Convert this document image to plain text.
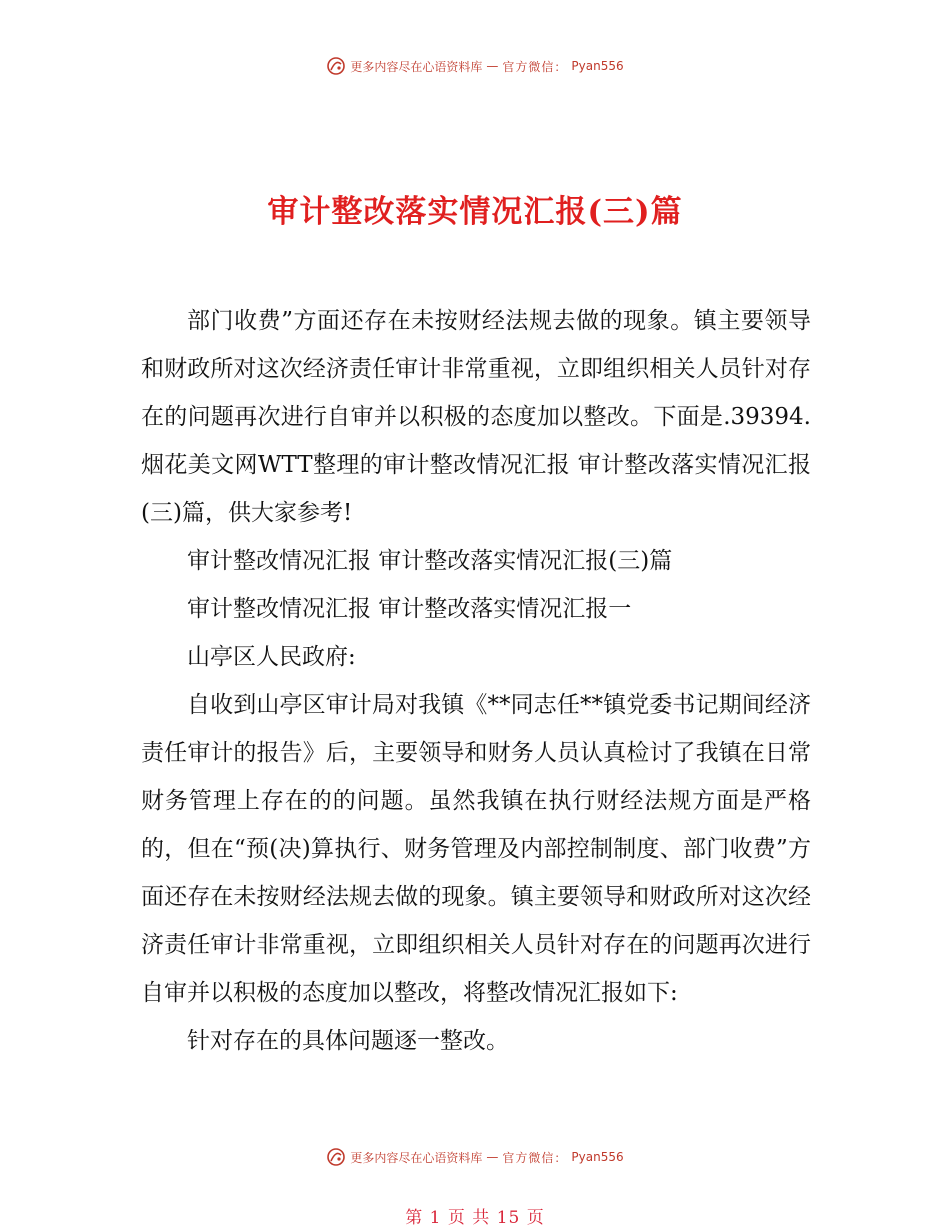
更多内容尽在心语资料库 — 官方微信： Pyan556
审计整改落实情况汇报(三)篇

部门收费”方面还存在未按财经法规去做的现象。镇主要领导和财政所对这次经济责任审计非常重视，立即组织相关人员针对存在的问题再次进行自审并以积极的态度加以整改。下面是.39394.烟花美文网WTT整理的审计整改情况汇报 审计整改落实情况汇报(三)篇，供大家参考!

审计整改情况汇报 审计整改落实情况汇报(三)篇

审计整改情况汇报 审计整改落实情况汇报一

山亭区人民政府:

自收到山亭区审计局对我镇《**同志任**镇党委书记期间经济责任审计的报告》后，主要领导和财务人员认真检讨了我镇在日常财务管理上存在的的问题。虽然我镇在执行财经法规方面是严格的，但在“预(决)算执行、财务管理及内部控制制度、部门收费”方面还存在未按财经法规去做的现象。镇主要领导和财政所对这次经济责任审计非常重视，立即组织相关人员针对存在的问题再次进行自审并以积极的态度加以整改，将整改情况汇报如下:

针对存在的具体问题逐一整改。

更多内容尽在心语资料库 — 官方微信： Pyan556
第 1 页 共 15 页
